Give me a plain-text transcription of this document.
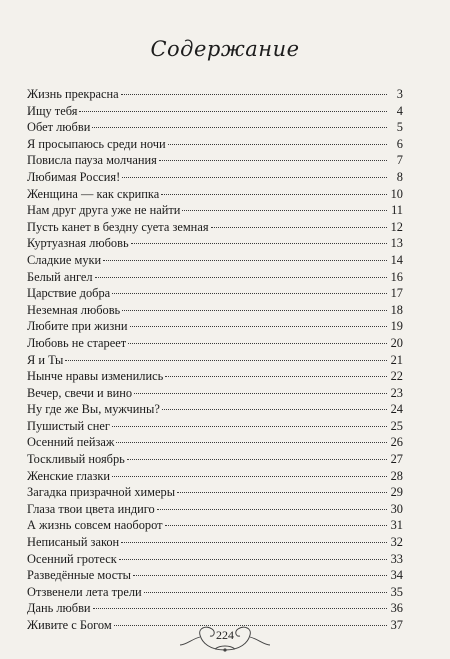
Содержание
Жизнь прекрасна	3
Ищу тебя	4
Обет любви	5
Я просыпаюсь среди ночи	6
Повисла пауза молчания	7
Любимая Россия!	8
Женщина — как скрипка	10
Нам друг друга уже не найти	11
Пусть канет в бездну суета земная	12
Куртуазная любовь	13
Сладкие муки	14
Белый ангел	16
Царствие добра	17
Неземная любовь	18
Любите при жизни	19
Любовь не стареет	20
Я и Ты	21
Нынче нравы изменились	22
Вечер, свечи и вино	23
Ну где же Вы, мужчины?	24
Пушистый снег	25
Осенний пейзаж	26
Тоскливый ноябрь	27
Женские глазки	28
Загадка призрачной химеры	29
Глаза твои цвета индиго	30
А жизнь совсем наоборот	31
Неписаный закон	32
Осенний гротеск	33
Разведённые мосты	34
Отзвенели лета трели	35
Дань любви	36
Живите с Богом	37
224
